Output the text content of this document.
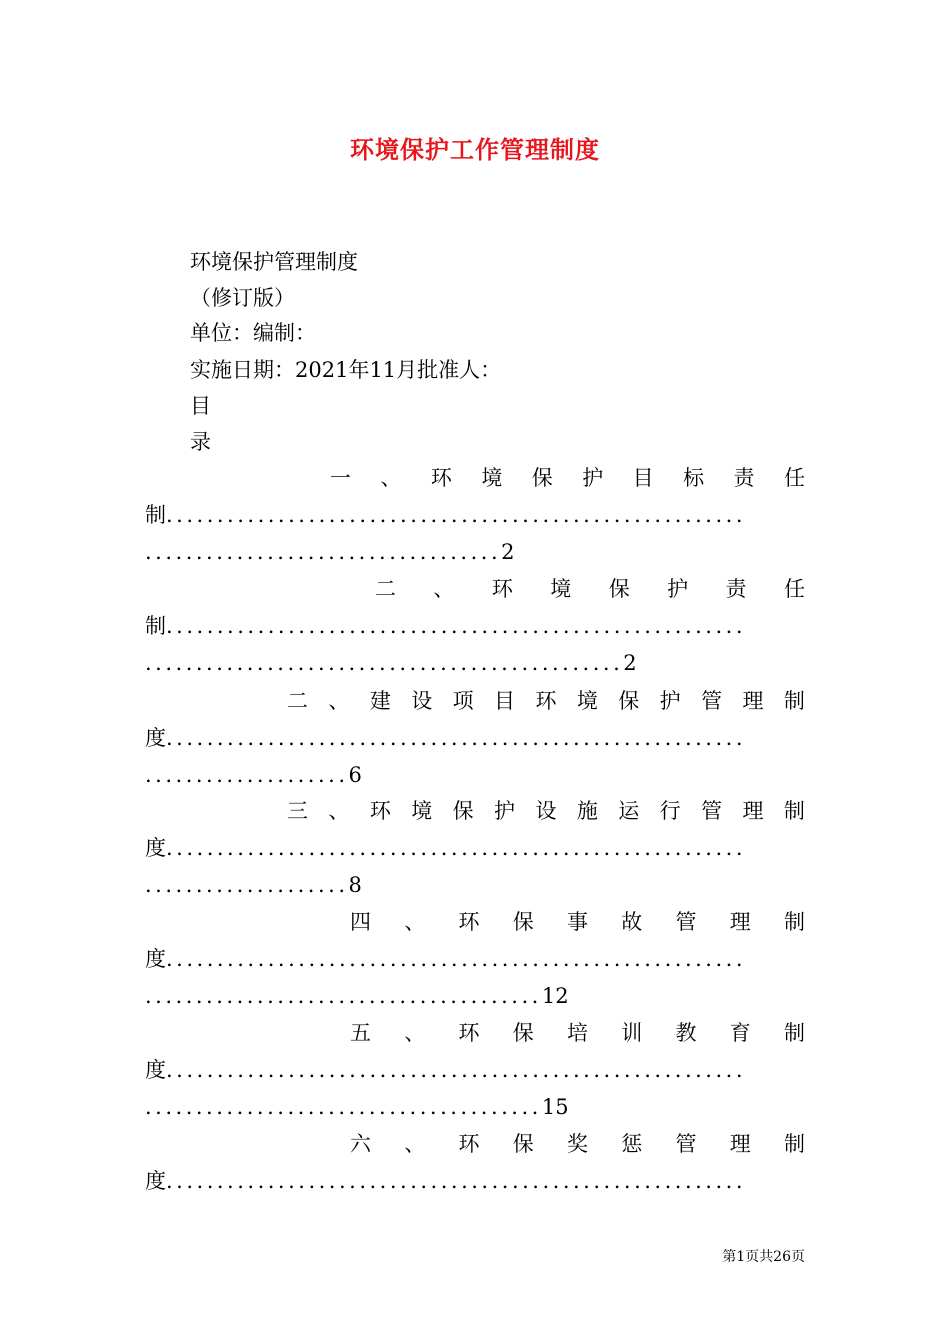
环境保护工作管理制度
环境保护管理制度
（修订版）
单位：编制：
实施日期：2021年11月批准人：
目
录
一 、 环 境 保 护 目 标 责 任
制.........................................................
...................................2
二 、 环 境 保 护 责 任
制.........................................................
...............................................2
二 、 建 设 项 目 环 境 保 护 管 理 制
度.........................................................
....................6
三 、 环 境 保 护 设 施 运 行 管 理 制
度.........................................................
....................8
四 、 环 保 事 故 管 理 制
度.........................................................
.......................................12
五 、 环 保 培 训 教 育 制
度.........................................................
.......................................15
六 、 环 保 奖 惩 管 理 制
度.........................................................
第1页共26页
